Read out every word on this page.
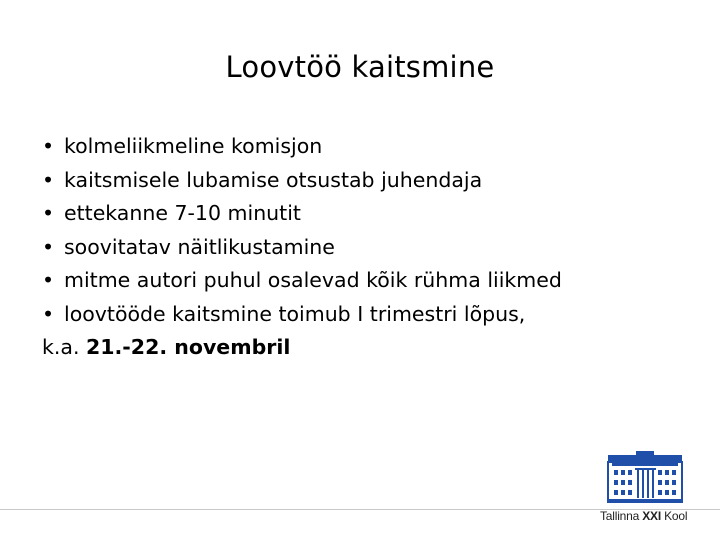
Loovtöö kaitsmine
• kolmeliikmeline komisjon
• kaitsmisele lubamise otsustab juhendaja
• ettekanne 7-10 minutit
• soovitatav näitlikustamine
• mitme autori puhul osalevad kõik rühma liikmed
• loovtööde kaitsmine toimub I trimestri lõpus,
k.a. 21.-22. novembril
Tallinna XXI Kool
